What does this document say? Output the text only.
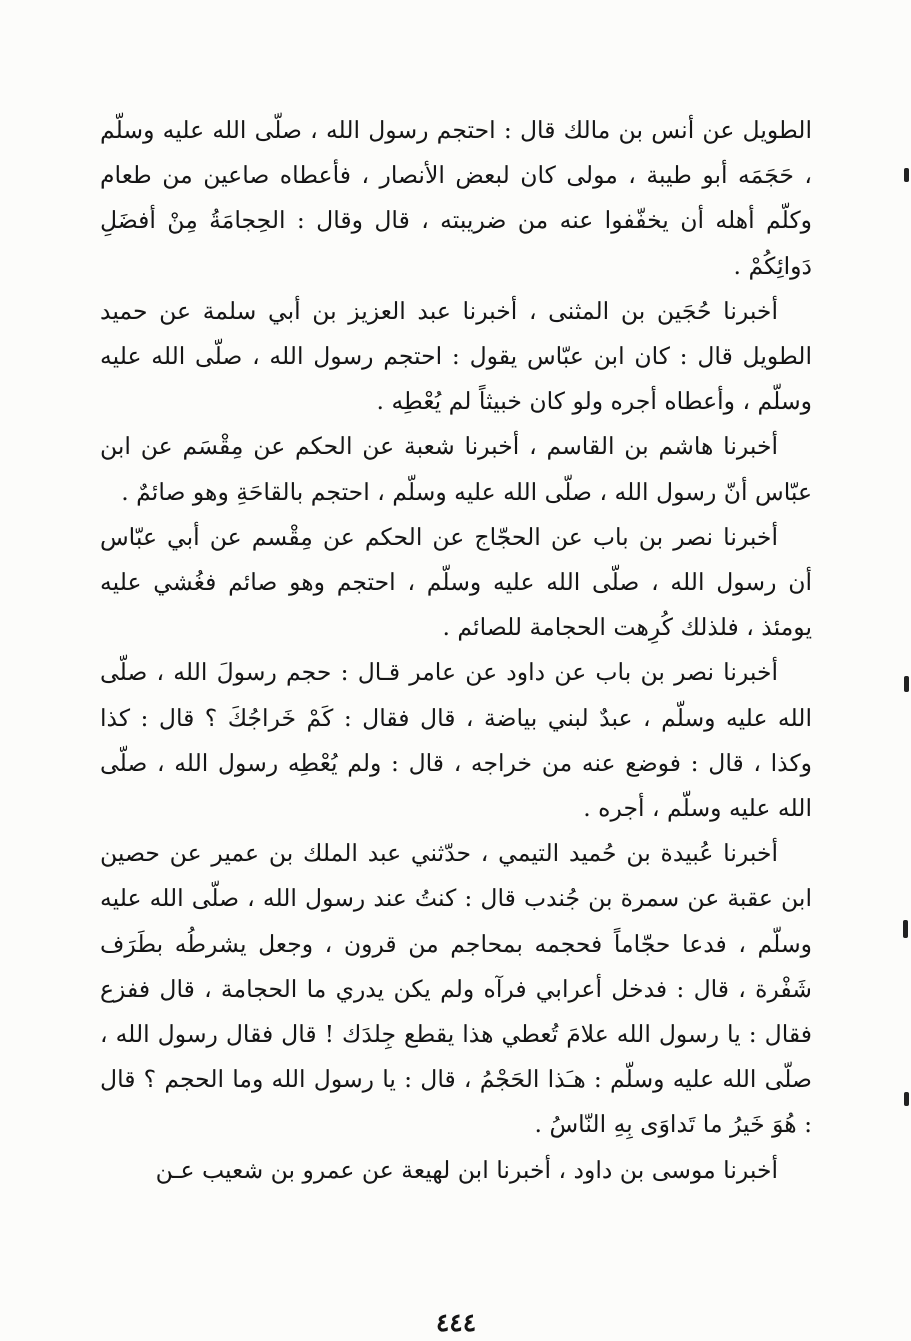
الطويل عن أنس بن مالك قال : احتجم رسول الله ، صلّى الله عليه وسلّم ، حَجَمَه أبو طيبة ، مولى كان لبعض الأنصار ، فأعطاه صاعين من طعام وكلّم أهله أن يخفّفوا عنه من ضريبته ، قال وقال : الحِجامَةُ مِنْ أفضَلِ دَوائِكُمْ .

أخبرنا حُجَين بن المثنى ، أخبرنا عبد العزيز بن أبي سلمة عن حميد الطويل قال : كان ابن عبّاس يقول : احتجم رسول الله ، صلّى الله عليه وسلّم ، وأعطاه أجره ولو كان خبيثاً لم يُعْطِه .

أخبرنا هاشم بن القاسم ، أخبرنا شعبة عن الحكم عن مِقْسَم عن ابن عبّاس أنّ رسول الله ، صلّى الله عليه وسلّم ، احتجم بالقاحَةِ وهو صائمٌ .

أخبرنا نصر بن باب عن الحجّاج عن الحكم عن مِقْسم عن أبي عبّاس أن رسول الله ، صلّى الله عليه وسلّم ، احتجم وهو صائم فغُشي عليه يومئذ ، فلذلك كُرِهت الحجامة للصائم .

أخبرنا نصر بن باب عن داود عن عامر قـال : حجم رسولَ الله ، صلّى الله عليه وسلّم ، عبدٌ لبني بياضة ، قال فقال : كَمْ خَراجُكَ ؟ قال : كذا وكذا ، قال : فوضع عنه من خراجه ، قال : ولم يُعْطِه رسول الله ، صلّى الله عليه وسلّم ، أجره .

أخبرنا عُبيدة بن حُميد التيمي ، حدّثني عبد الملك بن عمير عن حصين ابن عقبة عن سمرة بن جُندب قال : كنتُ عند رسول الله ، صلّى الله عليه وسلّم ، فدعا حجّاماً فحجمه بمحاجم من قرون ، وجعل يشرطُه بطَرَف شَفْرة ، قال : فدخل أعرابي فرآه ولم يكن يدري ما الحجامة ، قال ففزع فقال : يا رسول الله علامَ تُعطي هذا يقطع جِلدَك ! قال فقال رسول الله ، صلّى الله عليه وسلّم : هـَذا الحَجْمُ ، قال : يا رسول الله وما الحجم ؟ قال : هُوَ خَيرُ ما تَداوَى بِهِ النّاسُ .

أخبرنا موسى بن داود ، أخبرنا ابن لهيعة عن عمرو بن شعيب عـن

٤٤٤
